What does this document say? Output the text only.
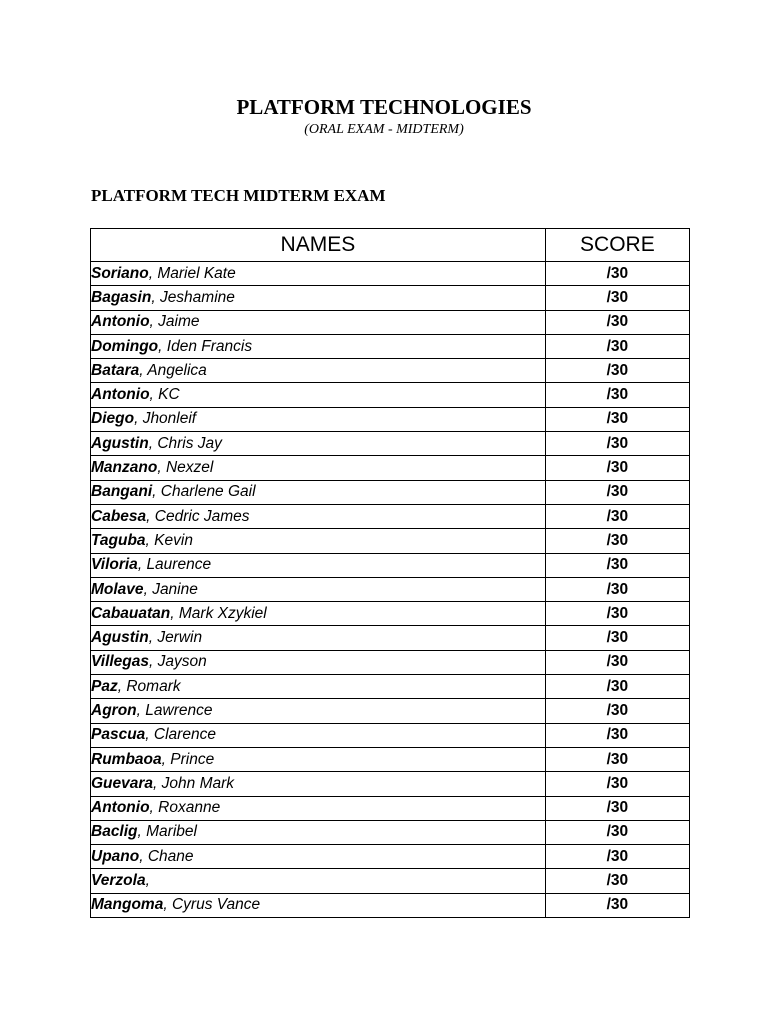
PLATFORM TECHNOLOGIES
(ORAL EXAM - MIDTERM)
PLATFORM TECH MIDTERM EXAM
NAMES	SCORE
Soriano, Mariel Kate	/30
Bagasin, Jeshamine	/30
Antonio, Jaime	/30
Domingo, Iden Francis	/30
Batara, Angelica	/30
Antonio, KC	/30
Diego, Jhonleif	/30
Agustin, Chris Jay	/30
Manzano, Nexzel	/30
Bangani, Charlene Gail	/30
Cabesa, Cedric James	/30
Taguba, Kevin	/30
Viloria, Laurence	/30
Molave, Janine	/30
Cabauatan, Mark Xzykiel	/30
Agustin, Jerwin	/30
Villegas, Jayson	/30
Paz, Romark	/30
Agron, Lawrence	/30
Pascua, Clarence	/30
Rumbaoa, Prince	/30
Guevara, John Mark	/30
Antonio, Roxanne	/30
Baclig, Maribel	/30
Upano, Chane	/30
Verzola,	/30
Mangoma, Cyrus Vance	/30
